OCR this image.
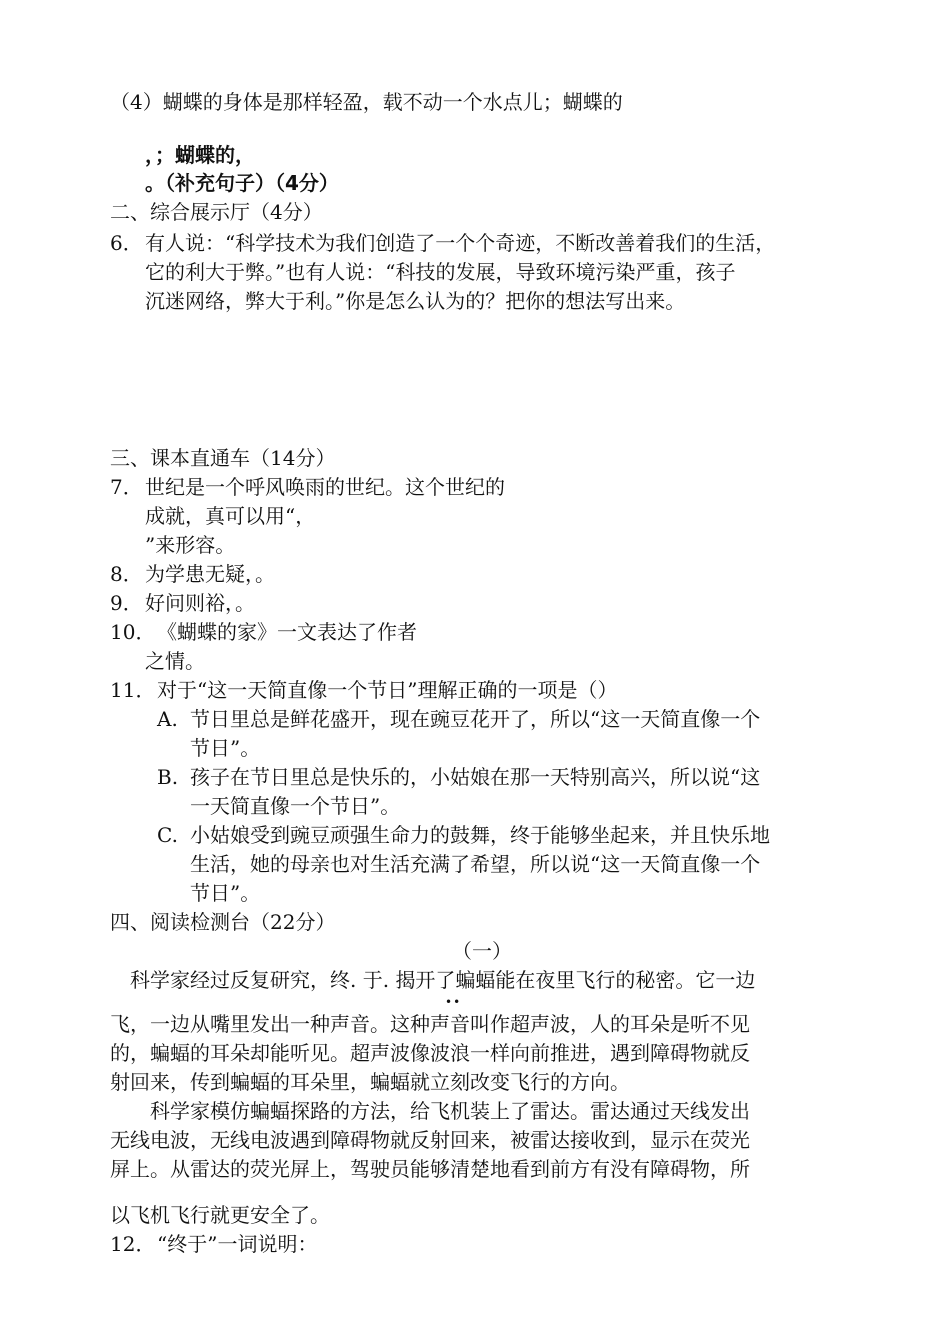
（4）蝴蝶的身体是那样轻盈，载不动一个水点儿；蝴蝶的
，；蝴蝶的，
。（补充句子）（4分）
二、综合展示厅（4分）
6． 有人说：“科学技术为我们创造了一个个奇迹，不断改善着我们的生活，
它的利大于弊。”也有人说：“科技的发展，导致环境污染严重，孩子
沉迷网络，弊大于利。”你是怎么认为的？把你的想法写出来。
三、课本直通车（14分）
7． 世纪是一个呼风唤雨的世纪。这个世纪的
成就，真可以用“，
”来形容。
8． 为学患无疑，。
9． 好问则裕，。
10． 《蝴蝶的家》一文表达了作者
之情。
11． 对于“这一天简直像一个节日”理解正确的一项是（）
A. 节日里总是鲜花盛开，现在豌豆花开了，所以“这一天简直像一个
节日”。
B. 孩子在节日里总是快乐的，小姑娘在那一天特别高兴，所以说“这
一天简直像一个节日”。
C. 小姑娘受到豌豆顽强生命力的鼓舞，终于能够坐起来，并且快乐地
生活，她的母亲也对生活充满了希望，所以说“这一天简直像一个
节日”。
四、阅读检测台（22分）
（一）
科学家经过反复研究，终. 于. 揭开了蝙蝠能在夜里飞行的秘密。它一边
••
飞，一边从嘴里发出一种声音。这种声音叫作超声波，人的耳朵是听不见
的，蝙蝠的耳朵却能听见。超声波像波浪一样向前推进，遇到障碍物就反
射回来，传到蝙蝠的耳朵里，蝙蝠就立刻改变飞行的方向。
科学家模仿蝙蝠探路的方法，给飞机装上了雷达。雷达通过天线发出
无线电波，无线电波遇到障碍物就反射回来，被雷达接收到，显示在荧光
屏上。从雷达的荧光屏上，驾驶员能够清楚地看到前方有没有障碍物，所
以飞机飞行就更安全了。
12． “终于”一词说明：
